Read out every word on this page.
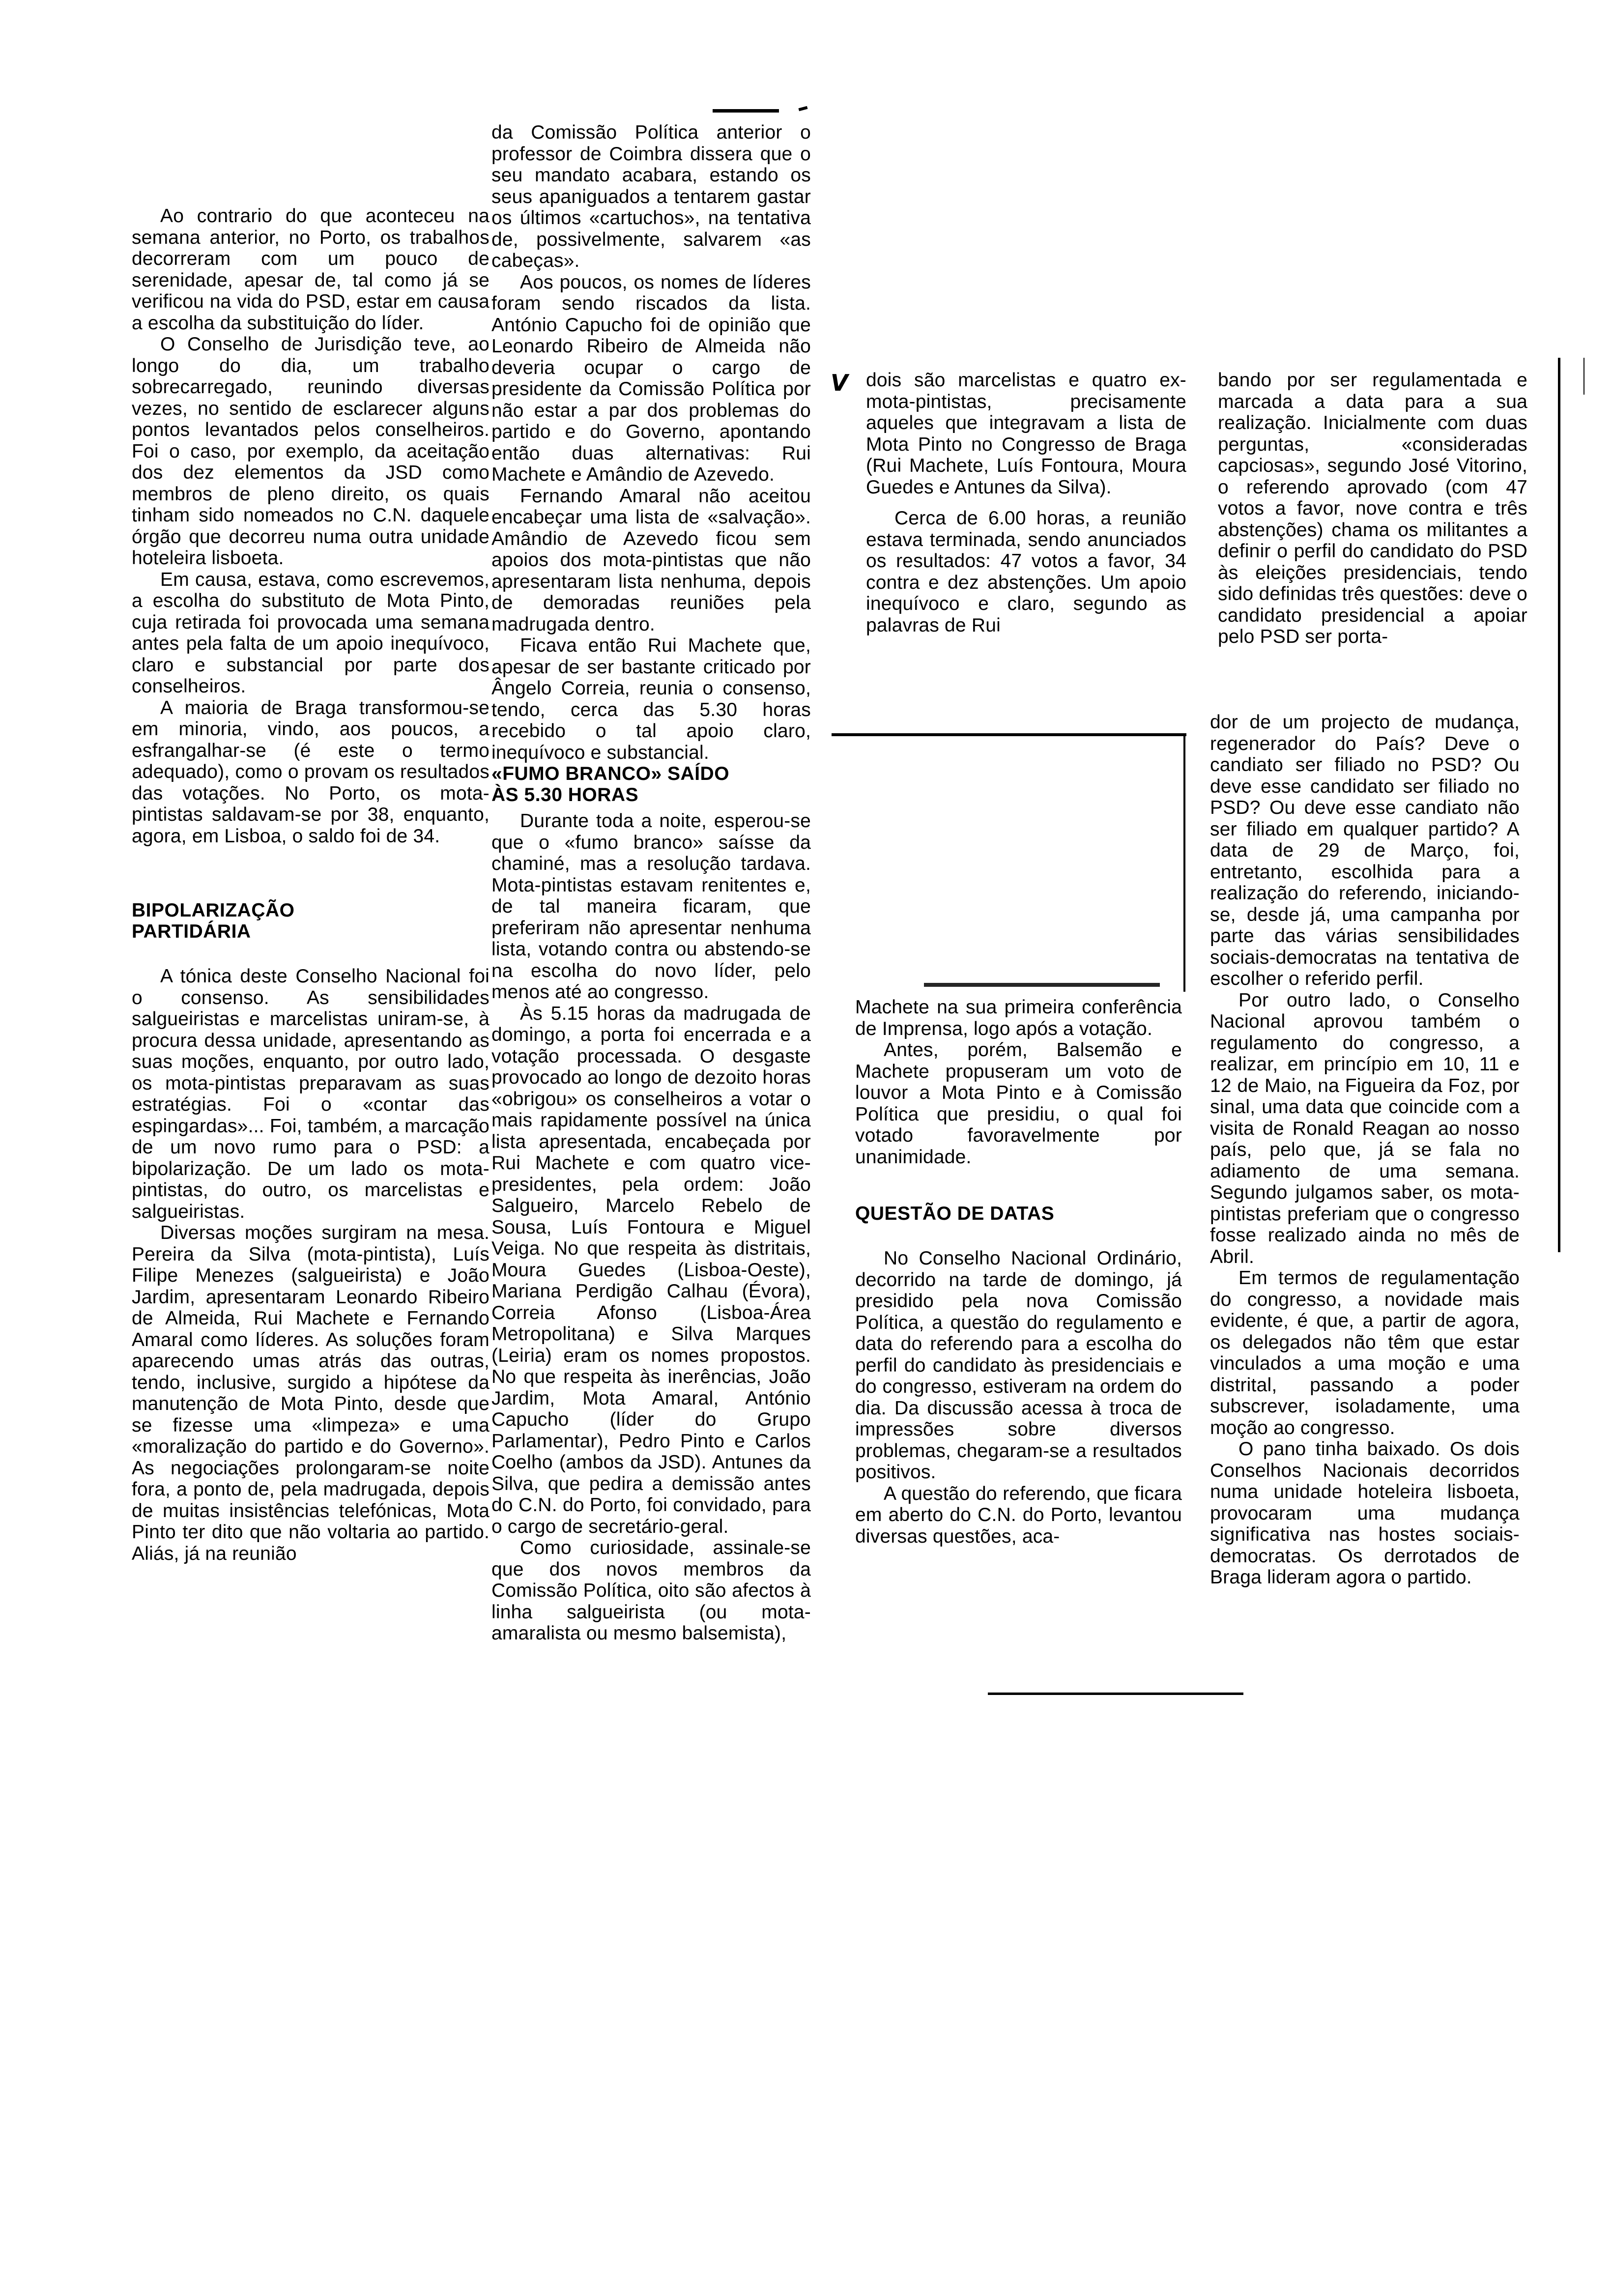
Ao contrario do que aconteceu na semana anterior, no Porto, os trabalhos decorreram com um pouco de serenidade, apesar de, tal como já se verificou na vida do PSD, estar em causa a escolha da substituição do líder.

O Conselho de Jurisdição teve, ao longo do dia, um trabalho sobrecarregado, reunindo diversas vezes, no sentido de esclarecer alguns pontos levantados pelos conselheiros. Foi o caso, por exemplo, da aceitação dos dez elementos da JSD como membros de pleno direito, os quais tinham sido nomeados no C.N. daquele órgão que decorreu numa outra unidade hoteleira lisboeta.

Em causa, estava, como escrevemos, a escolha do substituto de Mota Pinto, cuja retirada foi provocada uma semana antes pela falta de um apoio inequívoco, claro e substancial por parte dos conselheiros.

A maioria de Braga transformou-se em minoria, vindo, aos poucos, a esfrangalhar-se (é este o termo adequado), como o provam os resultados das votações. No Porto, os mota-pintistas saldavam-se por 38, enquanto, agora, em Lisboa, o saldo foi de 34.

BIPOLARIZAÇÃO PARTIDÁRIA

A tónica deste Conselho Nacional foi o consenso. As sensibilidades salgueiristas e marcelistas uniram-se, à procura dessa unidade, apresentando as suas moções, enquanto, por outro lado, os mota-pintistas preparavam as suas estratégias. Foi o «contar das espingardas»... Foi, também, a marcação de um novo rumo para o PSD: a bipolarização. De um lado os mota-pintistas, do outro, os marcelistas e salgueiristas.

Diversas moções surgiram na mesa. Pereira da Silva (mota-pintista), Luís Filipe Menezes (salgueirista) e João Jardim, apresentaram Leonardo Ribeiro de Almeida, Rui Machete e Fernando Amaral como líderes. As soluções foram aparecendo umas atrás das outras, tendo, inclusive, surgido a hipótese da manutenção de Mota Pinto, desde que se fizesse uma «limpeza» e uma «moralização do partido e do Governo». As negociações prolongaram-se noite fora, a ponto de, pela madrugada, depois de muitas insistências telefónicas, Mota Pinto ter dito que não voltaria ao partido. Aliás, já na reunião

da Comissão Política anterior o professor de Coimbra dissera que o seu mandato acabara, estando os seus apaniguados a tentarem gastar os últimos «cartuchos», na tentativa de, possivelmente, salvarem «as cabeças».

Aos poucos, os nomes de líderes foram sendo riscados da lista. António Capucho foi de opinião que Leonardo Ribeiro de Almeida não deveria ocupar o cargo de presidente da Comissão Política por não estar a par dos problemas do partido e do Governo, apontando então duas alternativas: Rui Machete e Amândio de Azevedo.

Fernando Amaral não aceitou encabeçar uma lista de «salvação». Amândio de Azevedo ficou sem apoios dos mota-pintistas que não apresentaram lista nenhuma, depois de demoradas reuniões pela madrugada dentro.

Ficava então Rui Machete que, apesar de ser bastante criticado por Ângelo Correia, reunia o consenso, tendo, cerca das 5.30 horas recebido o tal apoio claro, inequívoco e substancial.

«FUMO BRANCO» SAÍDO ÀS 5.30 HORAS

Durante toda a noite, esperou-se que o «fumo branco» saísse da chaminé, mas a resolução tardava. Mota-pintistas estavam renitentes e, de tal maneira ficaram, que preferiram não apresentar nenhuma lista, votando contra ou abstendo-se na escolha do novo líder, pelo menos até ao congresso.

Às 5.15 horas da madrugada de domingo, a porta foi encerrada e a votação processada. O desgaste provocado ao longo de dezoito horas «obrigou» os conselheiros a votar o mais rapidamente possível na única lista apresentada, encabeçada por Rui Machete e com quatro vice-presidentes, pela ordem: João Salgueiro, Marcelo Rebelo de Sousa, Luís Fontoura e Miguel Veiga. No que respeita às distritais, Moura Guedes (Lisboa-Oeste), Mariana Perdigão Calhau (Évora), Correia Afonso (Lisboa-Área Metropolitana) e Silva Marques (Leiria) eram os nomes propostos. No que respeita às inerências, João Jardim, Mota Amaral, António Capucho (líder do Grupo Parlamentar), Pedro Pinto e Carlos Coelho (ambos da JSD). Antunes da Silva, que pedira a demissão antes do C.N. do Porto, foi convidado, para o cargo de secretário-geral.

Como curiosidade, assinale-se que dos novos membros da Comissão Política, oito são afectos à linha salgueirista (ou mota-amaralista ou mesmo balsemista),

V dois são marcelistas e quatro ex-mota-pintistas, precisamente aqueles que integravam a lista de Mota Pinto no Congresso de Braga (Rui Machete, Luís Fontoura, Moura Guedes e Antunes da Silva).

Cerca de 6.00 horas, a reunião estava terminada, sendo anunciados os resultados: 47 votos a favor, 34 contra e dez abstenções. Um apoio inequívoco e claro, segundo as palavras de Rui

Machete na sua primeira conferência de Imprensa, logo após a votação.

Antes, porém, Balsemão e Machete propuseram um voto de louvor a Mota Pinto e à Comissão Política que presidiu, o qual foi votado favoravelmente por unanimidade.

QUESTÃO DE DATAS

No Conselho Nacional Ordinário, decorrido na tarde de domingo, já presidido pela nova Comissão Política, a questão do regulamento e data do referendo para a escolha do perfil do candidato às presidenciais e do congresso, estiveram na ordem do dia. Da discussão acessa à troca de impressões sobre diversos problemas, chegaram-se a resultados positivos.

A questão do referendo, que ficara em aberto do C.N. do Porto, levantou diversas questões, aca-

bando por ser regulamentada e marcada a data para a sua realização. Inicialmente com duas perguntas, «consideradas capciosas», segundo José Vitorino, o referendo aprovado (com 47 votos a favor, nove contra e três abstenções) chama os militantes a definir o perfil do candidato do PSD às eleições presidenciais, tendo sido definidas três questões: deve o candidato presidencial a apoiar pelo PSD ser porta-

dor de um projecto de mudança, regenerador do País? Deve o candiato ser filiado no PSD? Ou deve esse candidato ser filiado no PSD? Ou deve esse candiato não ser filiado em qualquer partido? A data de 29 de Março, foi, entretanto, escolhida para a realização do referendo, iniciando-se, desde já, uma campanha por parte das várias sensibilidades sociais-democratas na tentativa de escolher o referido perfil.

Por outro lado, o Conselho Nacional aprovou também o regulamento do congresso, a realizar, em princípio em 10, 11 e 12 de Maio, na Figueira da Foz, por sinal, uma data que coincide com a visita de Ronald Reagan ao nosso país, pelo que, já se fala no adiamento de uma semana. Segundo julgamos saber, os mota-pintistas preferiam que o congresso fosse realizado ainda no mês de Abril.

Em termos de regulamentação do congresso, a novidade mais evidente, é que, a partir de agora, os delegados não têm que estar vinculados a uma moção e uma distrital, passando a poder subscrever, isoladamente, uma moção ao congresso.

O pano tinha baixado. Os dois Conselhos Nacionais decorridos numa unidade hoteleira lisboeta, provocaram uma mudança significativa nas hostes sociais-democratas. Os derrotados de Braga lideram agora o partido.
